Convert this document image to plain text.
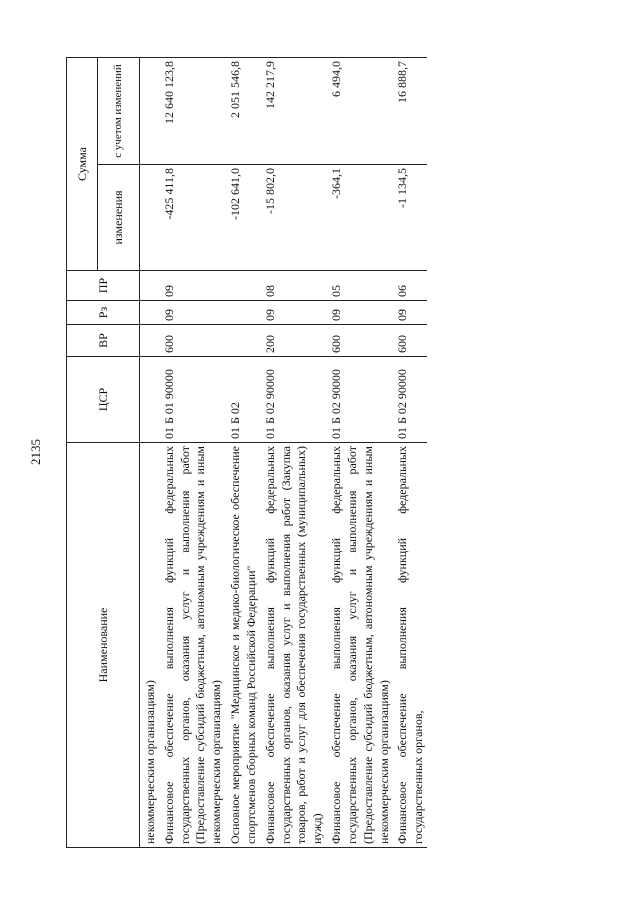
2135
Наименование	ЦСР	ВР	Рз	ПР	Сумма	
					изменения	с учетом изменений
некоммерческим организациям)						
Финансовое обеспечение выполнения функций федеральных государственных органов, оказания услуг и выполнения работ (Предоставление субсидий бюджетным, автономным учреждениям и иным некоммерческим организациям)	01 Б 01 90000	600	09	09	-425 411,8	12 640 123,8
Основное мероприятие "Медицинское и медико-биологическое обеспечение спортсменов сборных команд Российской Федерации"	01 Б 02				-102 641,0	2 051 546,8
Финансовое обеспечение выполнения функций федеральных государственных органов, оказания услуг и выполнения работ (Закупка товаров, работ и услуг для обеспечения государственных (муниципальных) нужд)	01 Б 02 90000	200	09	08	-15 802,0	142 217,9
Финансовое обеспечение выполнения функций федеральных государственных органов, оказания услуг и выполнения работ (Предоставление субсидий бюджетным, автономным учреждениям и иным некоммерческим организациям)	01 Б 02 90000	600	09	05	-364,1	6 494,0
Финансовое обеспечение выполнения функций федеральных государственных органов,	01 Б 02 90000	600	09	06	-1 134,5	16 888,7
